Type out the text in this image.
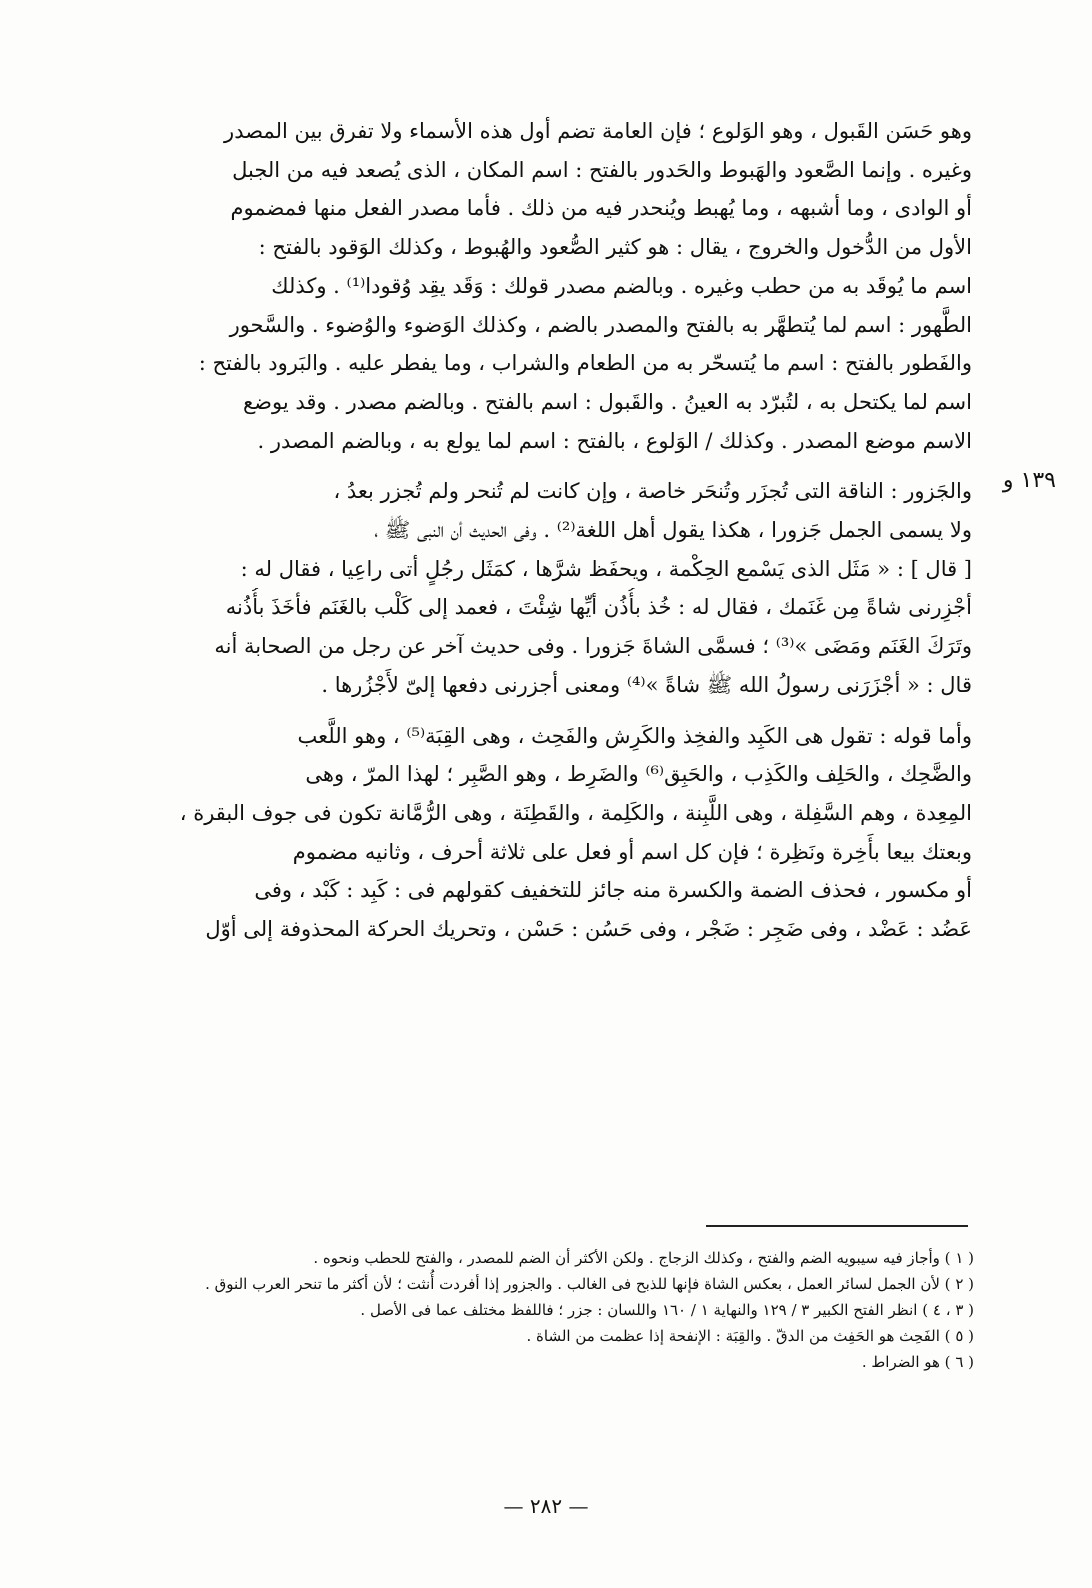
وهو حَسَن القَبول ، وهو الوَلوع ؛ فإن العامة تضم أول هذه الأسماء ولا تفرق بين المصدر
وغيره . وإنما الصَّعود والهَبوط والحَدور بالفتح : اسم المكان ، الذى يُصعد فيه من الجبل
أو الوادى ، وما أشبهه ، وما يُهبط ويُنحدر فيه من ذلك . فأما مصدر الفعل منها فمضموم
الأول من الدُّخول والخروج ، يقال : هو كثير الصُّعود والهُبوط ، وكذلك الوَقود بالفتح :
اسم ما يُوقَد به من حطب وغيره . وبالضم مصدر قولك : وَقَد يقِد وُقودا⁽¹⁾ . وكذلك
الطَّهور : اسم لما يُتطهَّر به بالفتح والمصدر بالضم ، وكذلك الوَضوء والوُضوء . والسَّحور
والفَطور بالفتح : اسم ما يُتسحّر به من الطعام والشراب ، وما يفطر عليه . والبَرود بالفتح :
اسم لما يكتحل به ، لتُبرّد به العينُ . والقَبول : اسم بالفتح . وبالضم مصدر . وقد يوضع
الاسم موضع المصدر . وكذلك / الوَلوع ، بالفتح : اسم لما يولع به ، وبالضم المصدر .

والجَزور : الناقة التى تُجزَر وتُنحَر خاصة ، وإن كانت لم تُنحر ولم تُجزر بعدُ ،
ولا يسمى الجمل جَزورا ، هكذا يقول أهل اللغة⁽²⁾ . وفى الحديث أن النبى ﷺ ،
[ قال ] : « مَثَل الذى يَسْمع الحِكْمة ، ويحفَظ شرَّها ، كمَثَل رجُلٍ أتى راعِيا ، فقال له :
أجْزِرنى شاةً مِن غَنَمك ، فقال له : خُذ بأُذُن أيِّها شِئْتَ ، فعمد إلى كَلْب بالغَنَم فأخَذَ بأُذُنه
وتَرَكَ الغَنَم ومَضَى »⁽³⁾ ؛ فسمَّى الشاةَ جَزورا . وفى حديث آخر عن رجل من الصحابة أنه
قال : « أجْزَرَنى رسولُ الله ﷺ شاةً »⁽⁴⁾ ومعنى أجزرنى دفعها إلىّ لأَجْزُرها .

وأما قوله : تقول هى الكَبِد والفخِذ والكَرِش والفَحِث ، وهى القِبَة⁽⁵⁾ ، وهو اللَّعب
والضَّحِك ، والحَلِف والكَذِب ، والحَبِق⁽⁶⁾ والضَرِط ، وهو الصَّبِر ؛ لهذا المرّ ، وهى
المِعِدة ، وهم السَّفِلة ، وهى اللَّبِنة ، والكَلِمة ، والقَطِنَة ، وهى الرُّمَّانة تكون فى جوف البقرة ،
وبعتك بيعا بأَخِرة ونَظِرة ؛ فإن كل اسم أو فعل على ثلاثة أحرف ، وثانيه مضموم
أو مكسور ، فحذف الضمة والكسرة منه جائز للتخفيف كقولهم فى : كَبِد : كَبْد ، وفى
عَضُد : عَضْد ، وفى ضَجِر : ضَجْر ، وفى حَسُن : حَسْن ، وتحريك الحركة المحذوفة إلى أوّل

١٣٩ و

( ١ ) وأجاز فيه سيبويه الضم والفتح ، وكذلك الزجاج . ولكن الأكثر أن الضم للمصدر ، والفتح للحطب ونحوه .

( ٢ ) لأن الجمل لسائر العمل ، بعكس الشاة فإنها للذبح فى الغالب . والجزور إذا أفردت أُنثت ؛ لأن أكثر ما تنحر العرب النوق .

( ٣ ، ٤ ) انظر الفتح الكبير ٣ / ١٢٩ والنهاية ١ / ١٦٠ واللسان : جزر ؛ فاللفظ مختلف عما فى الأصل .

( ٥ ) الفَحِث هو الحَفِث من الدقّ . والقِبَة : الإنفحة إذا عظمت من الشاة .

( ٦ ) هو الضراط .

— ٢٨٢ —
